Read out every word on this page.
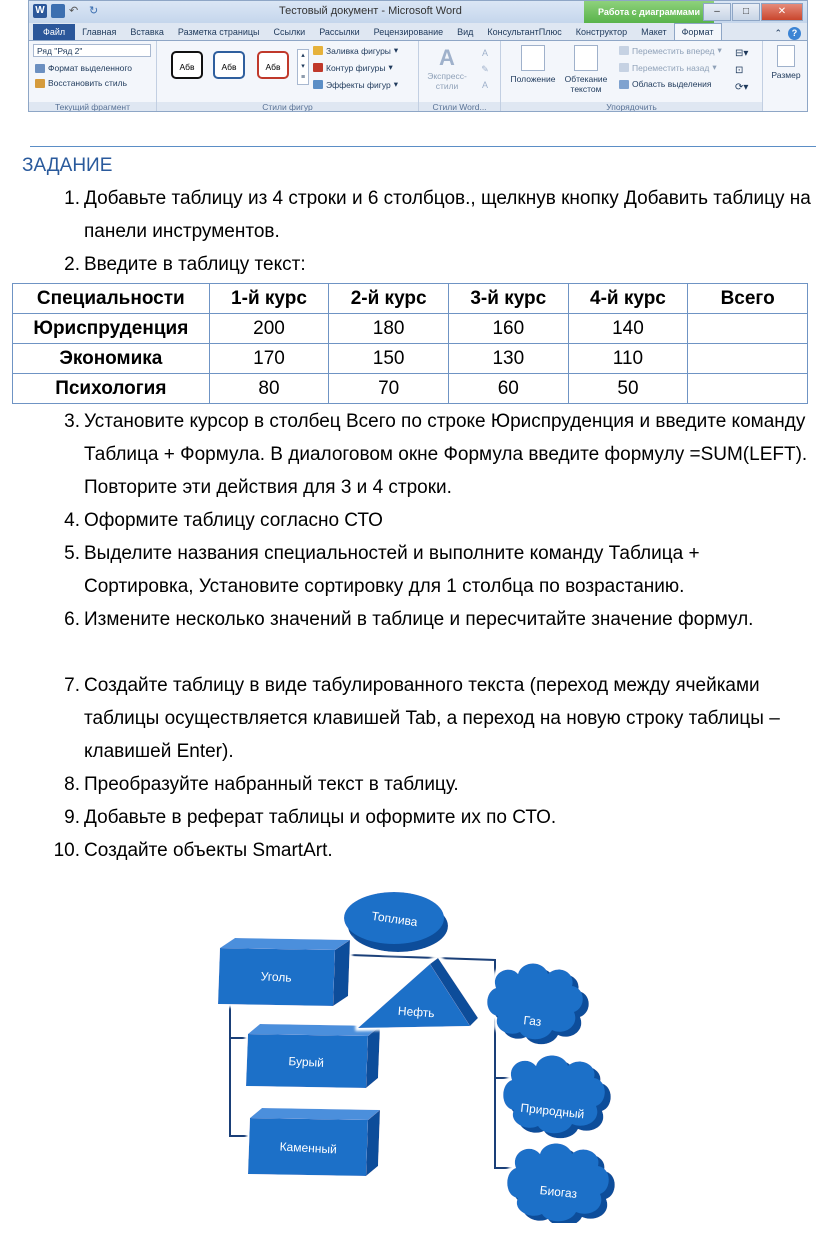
W ↶ ↻	Тестовый документ - Microsoft Word	Работа с диаграммами	–	□	✕
Файл	Главная	Вставка	Разметка страницы	Ссылки	Рассылки	Рецензирование	Вид	КонсультантПлюс	Конструктор	Макет	Формат	⌃	?
Ряд "Ряд 2"
Формат выделенного
Восстановить стиль
Текущий фрагмент
Абв	Абв	Абв
▴
▾
≡
Заливка фигуры ▾
Контур фигуры ▾
Эффекты фигур ▾
Стили фигур
A
Экспресс-стили
A
✎
A
Стили Word...
Положение	Обтекание текстом
Переместить вперед ▾
Переместить назад ▾
Область выделения
⊟▾
⊡
⟳▾
Упорядочить
Размер
ЗАДАНИЕ
1. Добавьте таблицу из 4 строки и 6 столбцов., щелкнув кнопку Добавить таблицу на панели инструментов.
2. Введите в таблицу текст:
Специальности	1-й курс	2-й курс	3-й курс	4-й курс	Всего
Юриспруденция	200	180	160	140	
Экономика	170	150	130	110	
Психология	80	70	60	50	
3. Установите курсор в столбец Всего по строке Юриспруденция и введите команду Таблица + Формула. В диалоговом окне Формула введите формулу =SUM(LEFT). Повторите эти действия для 3 и 4 строки.
4. Оформите таблицу согласно СТО
5. Выделите названия специальностей и выполните команду Таблица + Сортировка, Установите сортировку для 1 столбца по возрастанию.
6. Измените несколько значений в таблице и пересчитайте значение формул.
7. Создайте таблицу в виде табулированного текста (переход между ячейками таблицы осуществляется клавишей Tab, а переход на новую строку таблицы – клавишей Enter).
8. Преобразуйте набранный текст в таблицу.
9. Добавьте в реферат таблицы и оформите их по СТО.
10. Создайте объекты SmartArt.
Топлива
Уголь
Бурый
Каменный
Нефть
Газ
Природный
Биогаз
